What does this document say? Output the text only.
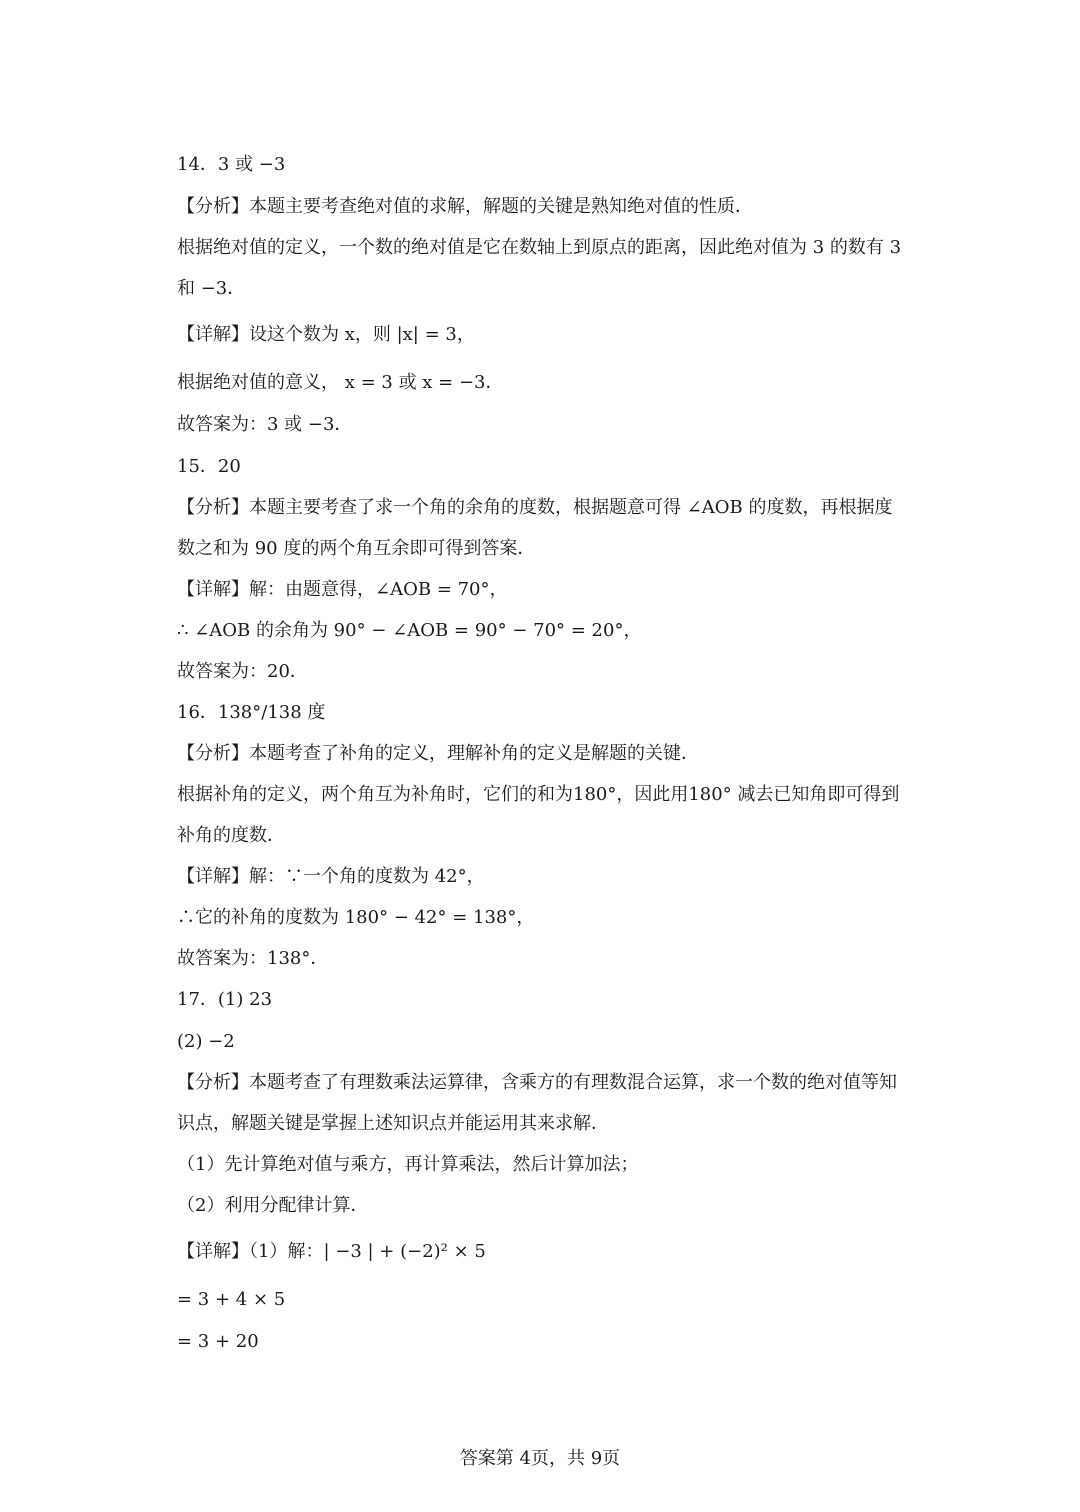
14．3 或 −3
【分析】本题主要考查绝对值的求解，解题的关键是熟知绝对值的性质．
根据绝对值的定义，一个数的绝对值是它在数轴上到原点的距离，因此绝对值为 3 的数有 3
和 −3．
【详解】设这个数为 x，则 |x| = 3，
根据绝对值的意义， x = 3 或 x = −3．
故答案为：3 或 −3．
15．20
【分析】本题主要考查了求一个角的余角的度数，根据题意可得 ∠AOB 的度数，再根据度
数之和为 90 度的两个角互余即可得到答案．
【详解】解：由题意得，∠AOB = 70°，
∴ ∠AOB 的余角为 90° − ∠AOB = 90° − 70° = 20°，
故答案为：20．
16．138°/138 度
【分析】本题考查了补角的定义，理解补角的定义是解题的关键．
根据补角的定义，两个角互为补角时，它们的和为180°，因此用180° 减去已知角即可得到
补角的度数．
【详解】解：∵一个角的度数为 42°，
∴它的补角的度数为 180° − 42° = 138°，
故答案为：138°．
17．(1) 23
(2) −2
【分析】本题考查了有理数乘法运算律，含乘方的有理数混合运算，求一个数的绝对值等知
识点，解题关键是掌握上述知识点并能运用其来求解．
（1）先计算绝对值与乘方，再计算乘法，然后计算加法；
（2）利用分配律计算．
【详解】（1）解：| −3 | + (−2)² × 5
= 3 + 4 × 5
= 3 + 20
答案第 4页，共 9页
